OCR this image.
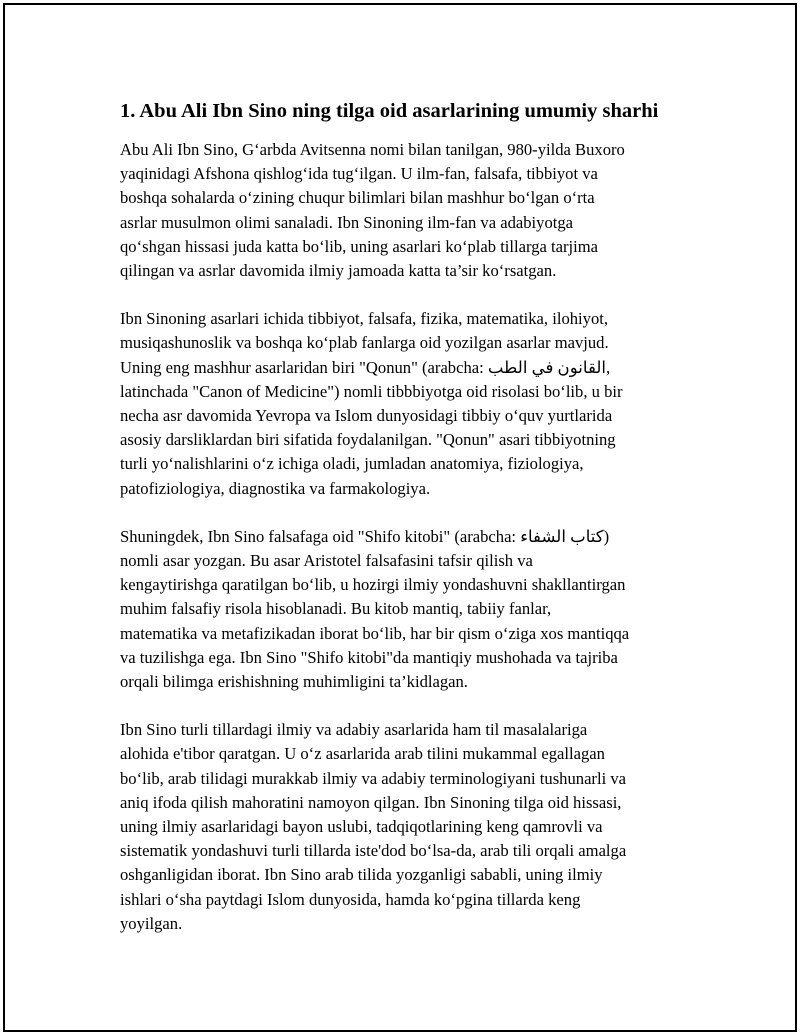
1. Abu Ali Ibn Sino ning tilga oid asarlarining umumiy sharhi
Abu Ali Ibn Sino, G‘arbda Avitsenna nomi bilan tanilgan, 980-yilda Buxoro
yaqinidagi Afshona qishlog‘ida tug‘ilgan. U ilm-fan, falsafa, tibbiyot va
boshqa sohalarda o‘zining chuqur bilimlari bilan mashhur bo‘lgan o‘rta
asrlar musulmon olimi sanaladi. Ibn Sinoning ilm-fan va adabiyotga
qo‘shgan hissasi juda katta bo‘lib, uning asarlari ko‘plab tillarga tarjima
qilingan va asrlar davomida ilmiy jamoada katta ta’sir ko‘rsatgan.
Ibn Sinoning asarlari ichida tibbiyot, falsafa, fizika, matematika, ilohiyot,
musiqashunoslik va boshqa ko‘plab fanlarga oid yozilgan asarlar mavjud.
Uning eng mashhur asarlaridan biri "Qonun" (arabcha: القانون في الطب,
latinchada "Canon of Medicine") nomli tibbbiyotga oid risolasi bo‘lib, u bir
necha asr davomida Yevropa va Islom dunyosidagi tibbiy o‘quv yurtlarida
asosiy darsliklardan biri sifatida foydalanilgan. "Qonun" asari tibbiyotning
turli yo‘nalishlarini o‘z ichiga oladi, jumladan anatomiya, fiziologiya,
patofiziologiya, diagnostika va farmakologiya.
Shuningdek, Ibn Sino falsafaga oid "Shifo kitobi" (arabcha: كتاب الشفاء)
nomli asar yozgan. Bu asar Aristotel falsafasini tafsir qilish va
kengaytirishga qaratilgan bo‘lib, u hozirgi ilmiy yondashuvni shakllantirgan
muhim falsafiy risola hisoblanadi. Bu kitob mantiq, tabiiy fanlar,
matematika va metafizikadan iborat bo‘lib, har bir qism o‘ziga xos mantiqqa
va tuzilishga ega. Ibn Sino "Shifo kitobi"da mantiqiy mushohada va tajriba
orqali bilimga erishishning muhimligini ta’kidlagan.
Ibn Sino turli tillardagi ilmiy va adabiy asarlarida ham til masalalariga
alohida e'tibor qaratgan. U o‘z asarlarida arab tilini mukammal egallagan
bo‘lib, arab tilidagi murakkab ilmiy va adabiy terminologiyani tushunarli va
aniq ifoda qilish mahoratini namoyon qilgan. Ibn Sinoning tilga oid hissasi,
uning ilmiy asarlaridagi bayon uslubi, tadqiqotlarining keng qamrovli va
sistematik yondashuvi turli tillarda iste'dod bo‘lsa-da, arab tili orqali amalga
oshganligidan iborat. Ibn Sino arab tilida yozganligi sababli, uning ilmiy
ishlari o‘sha paytdagi Islom dunyosida, hamda ko‘pgina tillarda keng
yoyilgan.
